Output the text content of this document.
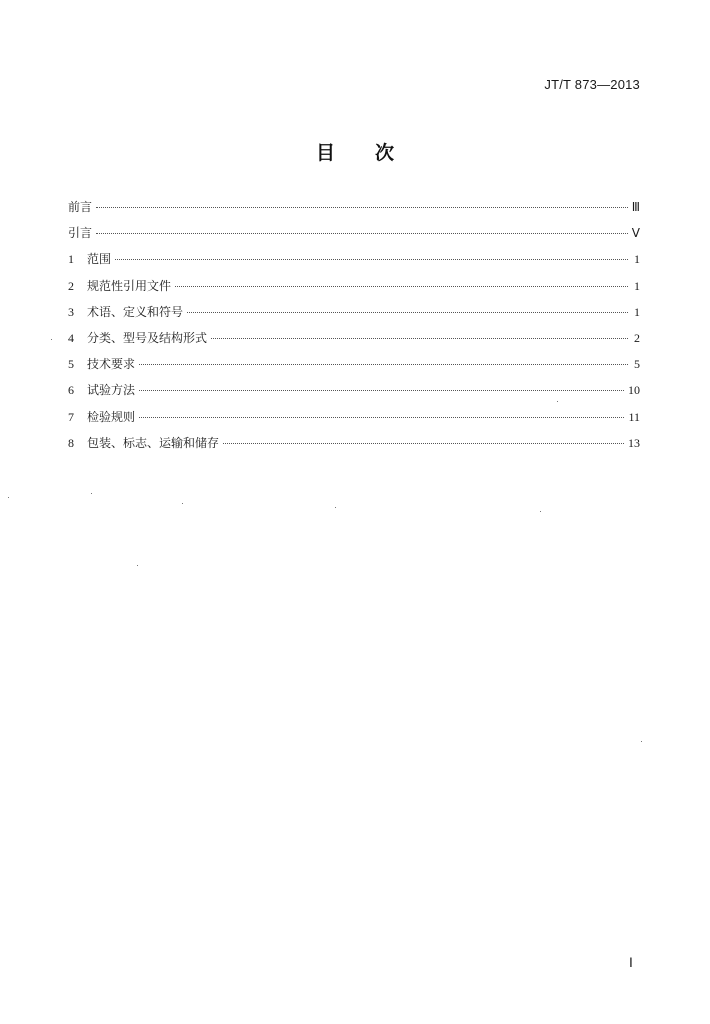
JT/T 873—2013
目次
前言	Ⅲ
引言	Ⅴ
1	范围	1
2	规范性引用文件	1
3	术语、定义和符号	1
4	分类、型号及结构形式	2
5	技术要求	5
6	试验方法	10
7	检验规则	11
8	包装、标志、运输和储存	13
Ⅰ
